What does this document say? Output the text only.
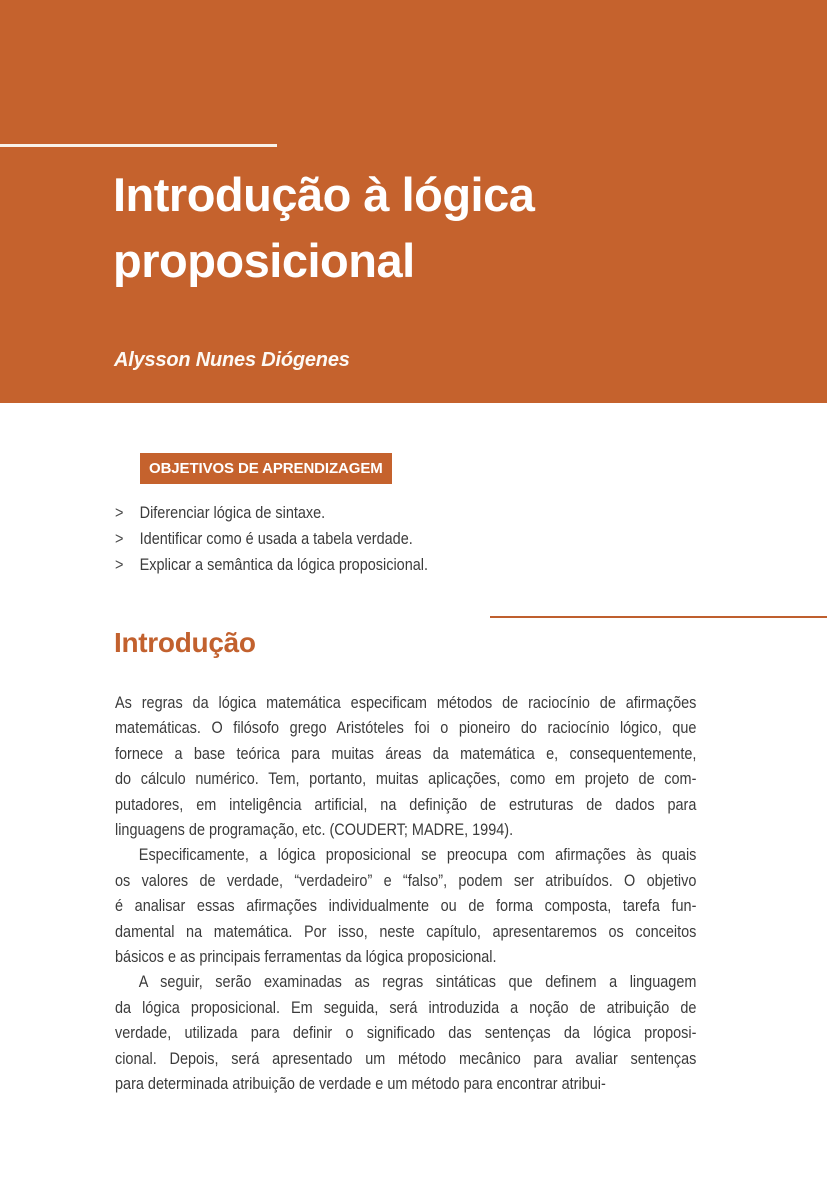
Introdução à lógica proposicional

Alysson Nunes Diógenes

OBJETIVOS DE APRENDIZAGEM
> Diferenciar lógica de sintaxe.
> Identificar como é usada a tabela verdade.
> Explicar a semântica da lógica proposicional.
Introdução
As regras da lógica matemática especificam métodos de raciocínio de afirmações
matemáticas. O filósofo grego Aristóteles foi o pioneiro do raciocínio lógico, que
fornece a base teórica para muitas áreas da matemática e, consequentemente,
do cálculo numérico. Tem, portanto, muitas aplicações, como em projeto de com-
putadores, em inteligência artificial, na definição de estruturas de dados para
linguagens de programação, etc. (COUDERT; MADRE, 1994).
Especificamente, a lógica proposicional se preocupa com afirmações às quais
os valores de verdade, “verdadeiro” e “falso”, podem ser atribuídos. O objetivo
é analisar essas afirmações individualmente ou de forma composta, tarefa fun-
damental na matemática. Por isso, neste capítulo, apresentaremos os conceitos
básicos e as principais ferramentas da lógica proposicional.
A seguir, serão examinadas as regras sintáticas que definem a linguagem
da lógica proposicional. Em seguida, será introduzida a noção de atribuição de
verdade, utilizada para definir o significado das sentenças da lógica proposi-
cional. Depois, será apresentado um método mecânico para avaliar sentenças
para determinada atribuição de verdade e um método para encontrar atribui-
